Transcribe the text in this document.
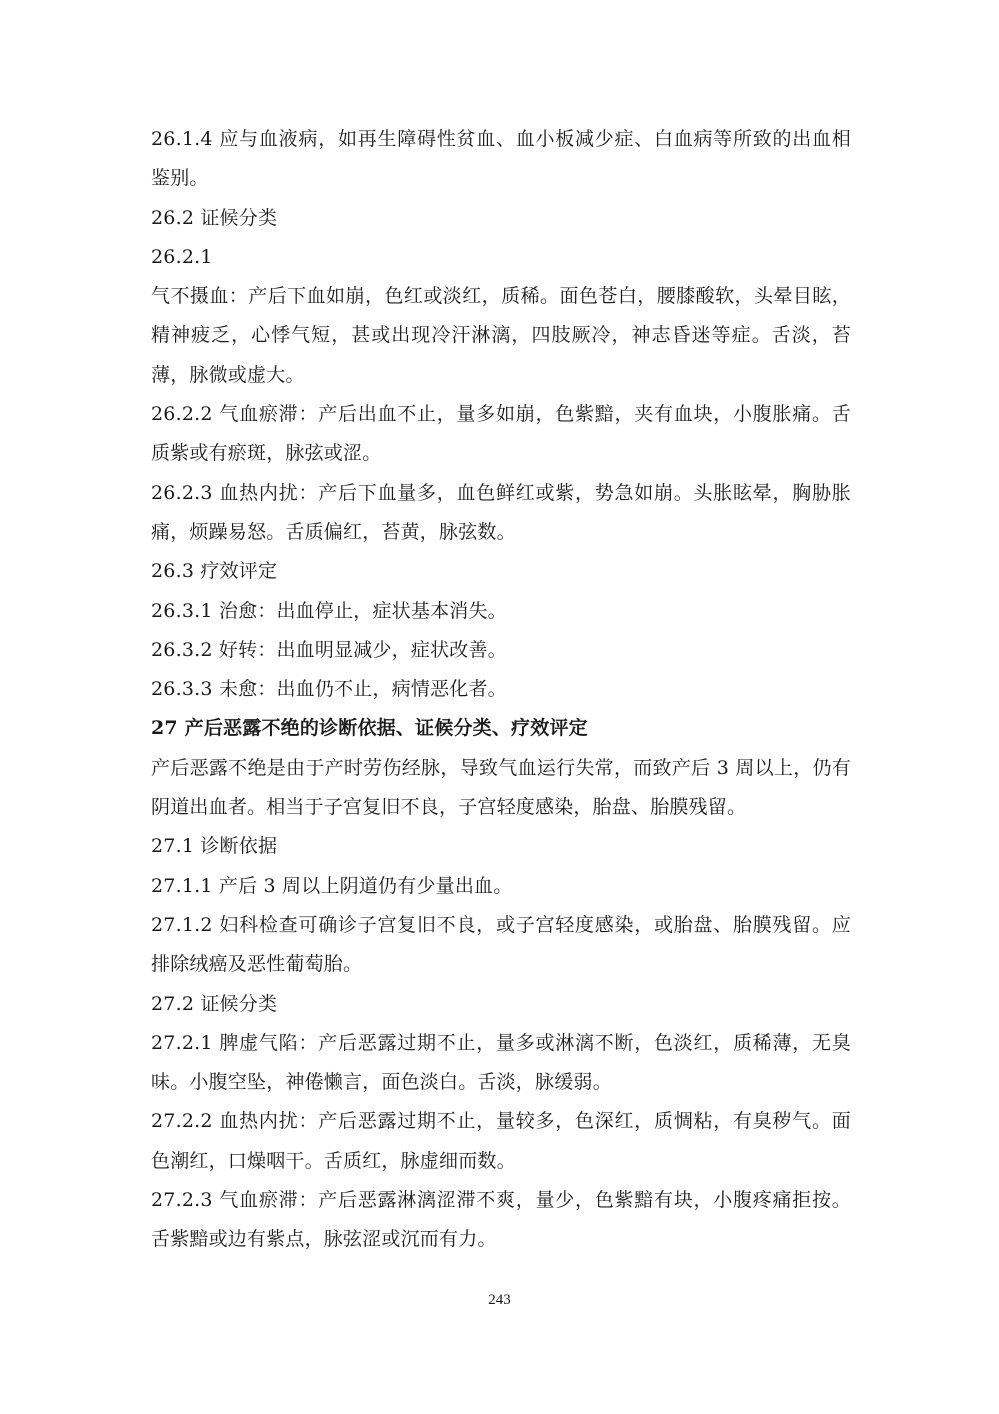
26.1.4 应与血液病，如再生障碍性贫血、血小板减少症、白血病等所致的出血相鉴别。

26.2 证候分类

26.2.1

气不摄血：产后下血如崩，色红或淡红，质稀。面色苍白，腰膝酸软，头晕目眩，精神疲乏，心悸气短，甚或出现冷汗淋漓，四肢厥冷，神志昏迷等症。舌淡，苔薄，脉微或虚大。

26.2.2 气血瘀滞：产后出血不止，量多如崩，色紫黯，夹有血块，小腹胀痛。舌质紫或有瘀斑，脉弦或涩。

26.2.3 血热内扰：产后下血量多，血色鲜红或紫，势急如崩。头胀眩晕，胸胁胀痛，烦躁易怒。舌质偏红，苔黄，脉弦数。

26.3 疗效评定

26.3.1 治愈：出血停止，症状基本消失。

26.3.2 好转：出血明显减少，症状改善。

26.3.3 未愈：出血仍不止，病情恶化者。

27 产后恶露不绝的诊断依据、证候分类、疗效评定

产后恶露不绝是由于产时劳伤经脉，导致气血运行失常，而致产后 3 周以上，仍有阴道出血者。相当于子宫复旧不良，子宫轻度感染，胎盘、胎膜残留。

27.1 诊断依据

27.1.1 产后 3 周以上阴道仍有少量出血。

27.1.2 妇科检查可确诊子宫复旧不良，或子宫轻度感染，或胎盘、胎膜残留。应排除绒癌及恶性葡萄胎。

27.2 证候分类

27.2.1 脾虚气陷：产后恶露过期不止，量多或淋漓不断，色淡红，质稀薄，无臭味。小腹空坠，神倦懒言，面色淡白。舌淡，脉缓弱。

27.2.2 血热内扰：产后恶露过期不止，量较多，色深红，质惆粘，有臭秽气。面色潮红，口燥咽干。舌质红，脉虚细而数。

27.2.3 气血瘀滞：产后恶露淋漓涩滞不爽，量少，色紫黯有块，小腹疼痛拒按。舌紫黯或边有紫点，脉弦涩或沉而有力。

243
